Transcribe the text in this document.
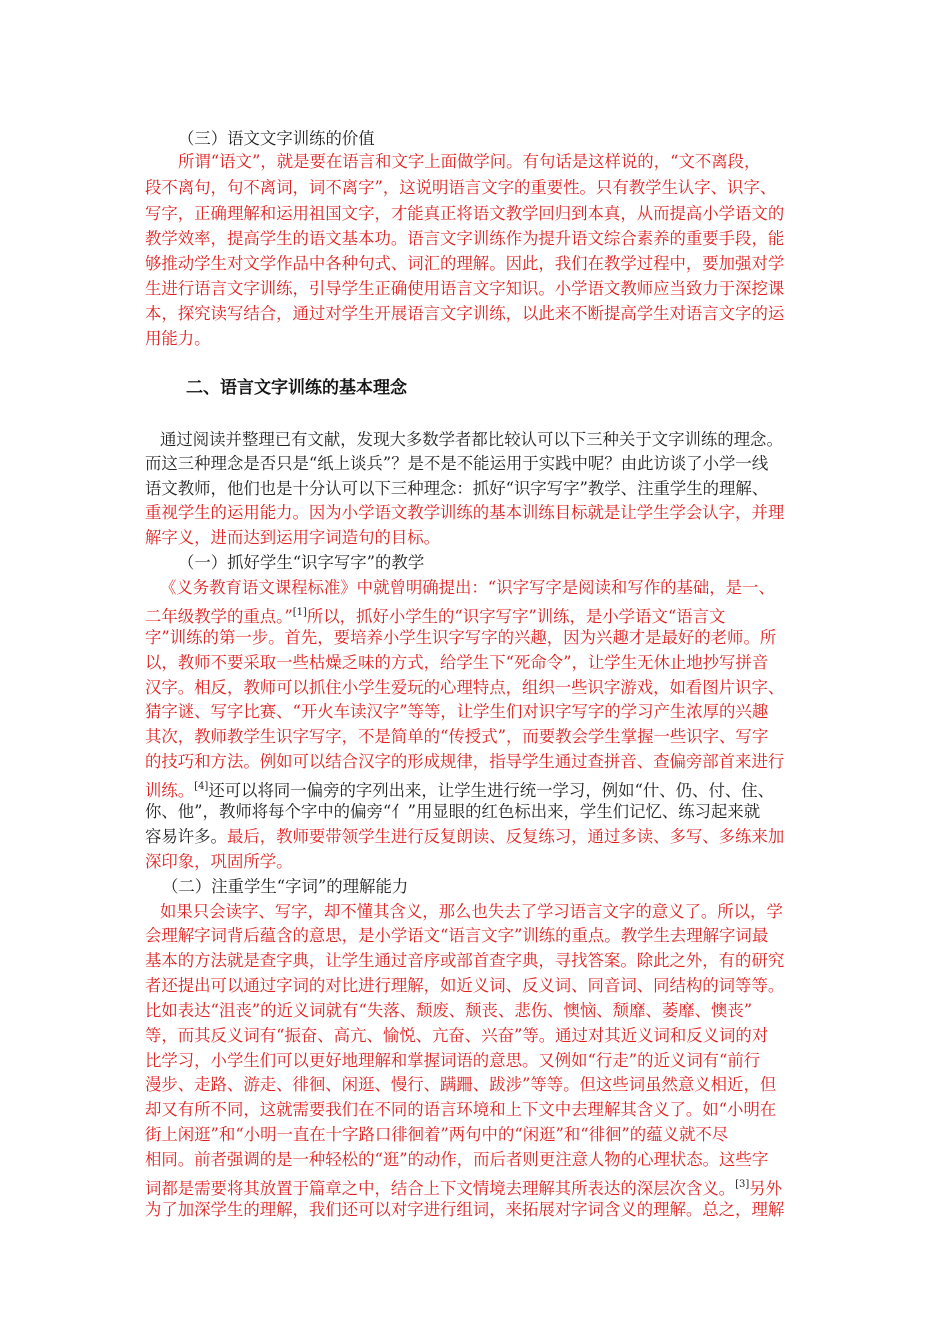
（三）语文文字训练的价值
所谓“语文”，就是要在语言和文字上面做学问。有句话是这样说的，“文不离段，
段不离句，句不离词，词不离字”，这说明语言文字的重要性。只有教学生认字、识字、
写字，正确理解和运用祖国文字，才能真正将语文教学回归到本真，从而提高小学语文的
教学效率，提高学生的语文基本功。语言文字训练作为提升语文综合素养的重要手段，能
够推动学生对文学作品中各种句式、词汇的理解。因此，我们在教学过程中，要加强对学
生进行语言文字训练，引导学生正确使用语言文字知识。小学语文教师应当致力于深挖课
本，探究读写结合，通过对学生开展语言文字训练，以此来不断提高学生对语言文字的运
用能力。
二、语言文字训练的基本理念
通过阅读并整理已有文献，发现大多数学者都比较认可以下三种关于文字训练的理念。
而这三种理念是否只是“纸上谈兵”？是不是不能运用于实践中呢？由此访谈了小学一线
语文教师，他们也是十分认可以下三种理念：抓好“识字写字”教学、注重学生的理解、
重视学生的运用能力。因为小学语文教学训练的基本训练目标就是让学生学会认字，并理
解字义，进而达到运用字词造句的目标。
（一）抓好学生“识字写字”的教学
《义务教育语文课程标准》中就曾明确提出：“识字写字是阅读和写作的基础，是一、
二年级教学的重点。”[1]所以，抓好小学生的“识字写字”训练，是小学语文“语言文
字”训练的第一步。首先，要培养小学生识字写字的兴趣，因为兴趣才是最好的老师。所
以，教师不要采取一些枯燥乏味的方式，给学生下“死命令”，让学生无休止地抄写拼音
汉字。相反，教师可以抓住小学生爱玩的心理特点，组织一些识字游戏，如看图片识字、
猜字谜、写字比赛、“开火车读汉字”等等，让学生们对识字写字的学习产生浓厚的兴趣
其次，教师教学生识字写字，不是简单的“传授式”，而要教会学生掌握一些识字、写字
的技巧和方法。例如可以结合汉字的形成规律，指导学生通过查拼音、查偏旁部首来进行
训练。[4]还可以将同一偏旁的字列出来，让学生进行统一学习，例如“什、仍、付、住、
你、他”，教师将每个字中的偏旁“亻”用显眼的红色标出来，学生们记忆、练习起来就
容易许多。最后，教师要带领学生进行反复朗读、反复练习，通过多读、多写、多练来加
深印象，巩固所学。
（二）注重学生“字词”的理解能力
如果只会读字、写字，却不懂其含义，那么也失去了学习语言文字的意义了。所以，学
会理解字词背后蕴含的意思，是小学语文“语言文字”训练的重点。教学生去理解字词最
基本的方法就是查字典，让学生通过音序或部首查字典，寻找答案。除此之外，有的研究
者还提出可以通过字词的对比进行理解，如近义词、反义词、同音词、同结构的词等等。
比如表达“沮丧”的近义词就有“失落、颓废、颓丧、悲伤、懊恼、颓靡、萎靡、懊丧”
等，而其反义词有“振奋、高亢、愉悦、亢奋、兴奋”等。通过对其近义词和反义词的对
比学习，小学生们可以更好地理解和掌握词语的意思。又例如“行走”的近义词有“前行
漫步、走路、游走、徘徊、闲逛、慢行、蹒跚、跋涉”等等。但这些词虽然意义相近，但
却又有所不同，这就需要我们在不同的语言环境和上下文中去理解其含义了。如“小明在
街上闲逛”和“小明一直在十字路口徘徊着”两句中的“闲逛”和“徘徊”的蕴义就不尽
相同。前者强调的是一种轻松的“逛”的动作，而后者则更注意人物的心理状态。这些字
词都是需要将其放置于篇章之中，结合上下文情境去理解其所表达的深层次含义。[3]另外
为了加深学生的理解，我们还可以对字进行组词，来拓展对字词含义的理解。总之，理解
